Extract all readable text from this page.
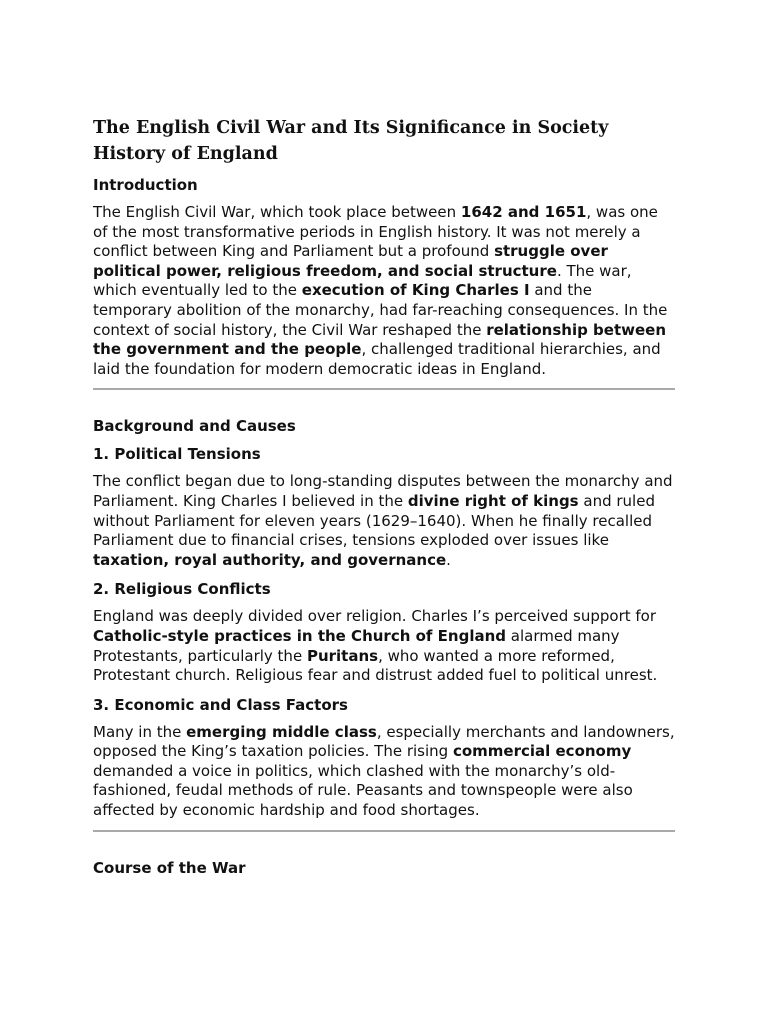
The English Civil War and Its Significance in Society History of England
Introduction

The English Civil War, which took place between 1642 and 1651, was one of the most transformative periods in English history. It was not merely a conflict between King and Parliament but a profound struggle over political power, religious freedom, and social structure. The war, which eventually led to the execution of King Charles I and the temporary abolition of the monarchy, had far-reaching consequences. In the context of social history, the Civil War reshaped the relationship between the government and the people, challenged traditional hierarchies, and laid the foundation for modern democratic ideas in England.

Background and Causes
1. Political Tensions

The conflict began due to long-standing disputes between the monarchy and Parliament. King Charles I believed in the divine right of kings and ruled without Parliament for eleven years (1629–1640). When he finally recalled Parliament due to financial crises, tensions exploded over issues like taxation, royal authority, and governance.

2. Religious Conflicts

England was deeply divided over religion. Charles I’s perceived support for Catholic-style practices in the Church of England alarmed many Protestants, particularly the Puritans, who wanted a more reformed, Protestant church. Religious fear and distrust added fuel to political unrest.

3. Economic and Class Factors

Many in the emerging middle class, especially merchants and landowners, opposed the King’s taxation policies. The rising commercial economy demanded a voice in politics, which clashed with the monarchy’s old-fashioned, feudal methods of rule. Peasants and townspeople were also affected by economic hardship and food shortages.

Course of the War
